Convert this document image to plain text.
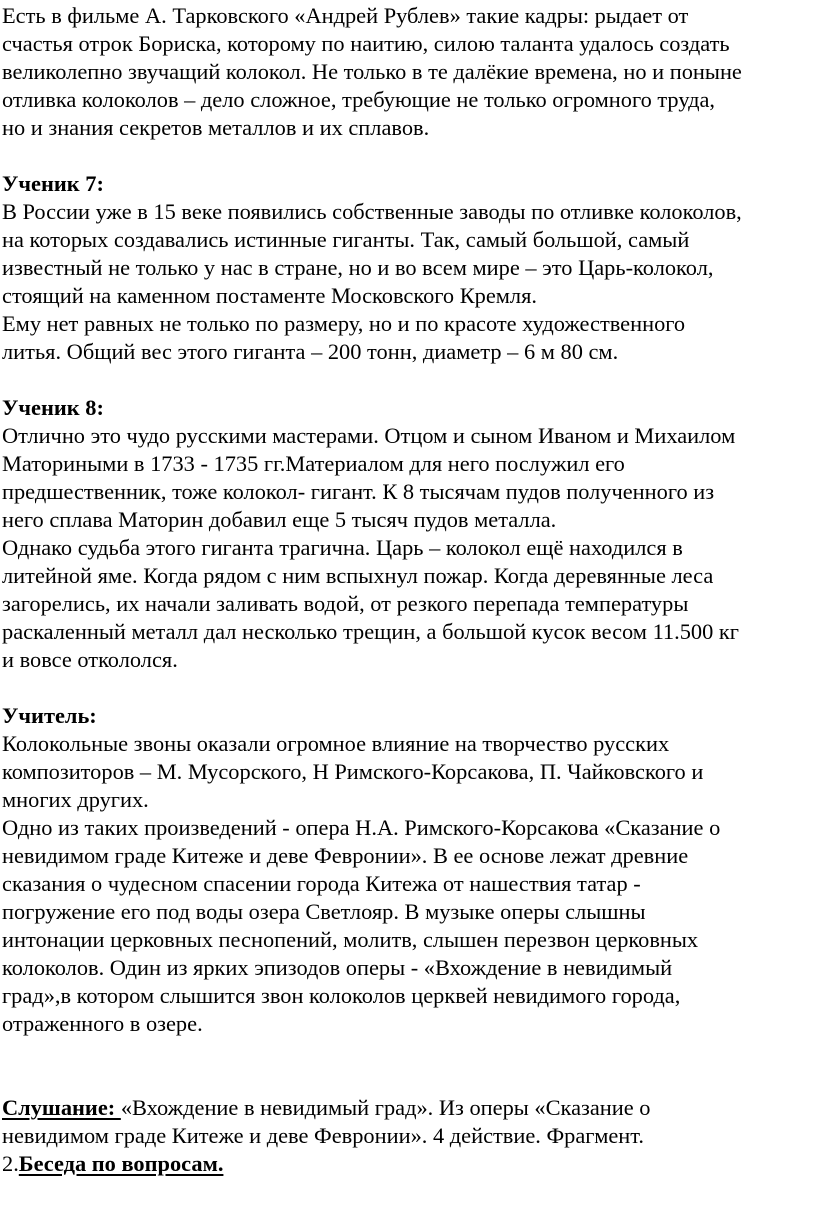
Есть в фильме А. Тарковского «Андрей Рублев» такие кадры: рыдает от
счастья отрок Бориска, которому по наитию, силою таланта удалось создать
великолепно звучащий колокол. Не только в те далёкие времена, но и поныне
отливка колоколов – дело сложное, требующие не только огромного труда,
но и знания секретов металлов и их сплавов.
Ученик 7:
В России уже в 15 веке появились собственные заводы по отливке колоколов,
на которых создавались истинные гиганты. Так, самый большой, самый
известный не только у нас в стране, но и во всем мире – это Царь-колокол,
стоящий на каменном постаменте Московского Кремля.
Ему нет равных не только по размеру, но и по красоте художественного
литья. Общий вес этого гиганта – 200 тонн, диаметр – 6 м 80 см.
Ученик 8:
Отлично это чудо русскими мастерами. Отцом и сыном Иваном и Михаилом
Маториными в 1733 - 1735 гг.Материалом для него послужил его
предшественник, тоже колокол- гигант. К 8 тысячам пудов полученного из
него сплава Маторин добавил еще 5 тысяч пудов металла.
Однако судьба этого гиганта трагична. Царь – колокол ещё находился в
литейной яме. Когда рядом с ним вспыхнул пожар. Когда деревянные леса
загорелись, их начали заливать водой, от резкого перепада температуры
раскаленный металл дал несколько трещин, а большой кусок весом 11.500 кг
и вовсе откололся.
Учитель:
Колокольные звоны оказали огромное влияние на творчество русских
композиторов – М. Мусорского, Н Римского-Корсакова, П. Чайковского и
многих других.
Одно из таких произведений - опера Н.А. Римского-Корсакова «Сказание о
невидимом граде Китеже и деве Февронии». В ее основе лежат древние
сказания о чудесном спасении города Китежа от нашествия татар -
погружение его под воды озера Светлояр. В музыке оперы слышны
интонации церковных песнопений, молитв, слышен перезвон церковных
колоколов. Один из ярких эпизодов оперы - «Вхождение в невидимый
град»,в котором слышится звон колоколов церквей невидимого города,
отраженного в озере.
Слушание: «Вхождение в невидимый град». Из оперы «Сказание о
невидимом граде Китеже и деве Февронии». 4 действие. Фрагмент.
2.Беседа по вопросам.
